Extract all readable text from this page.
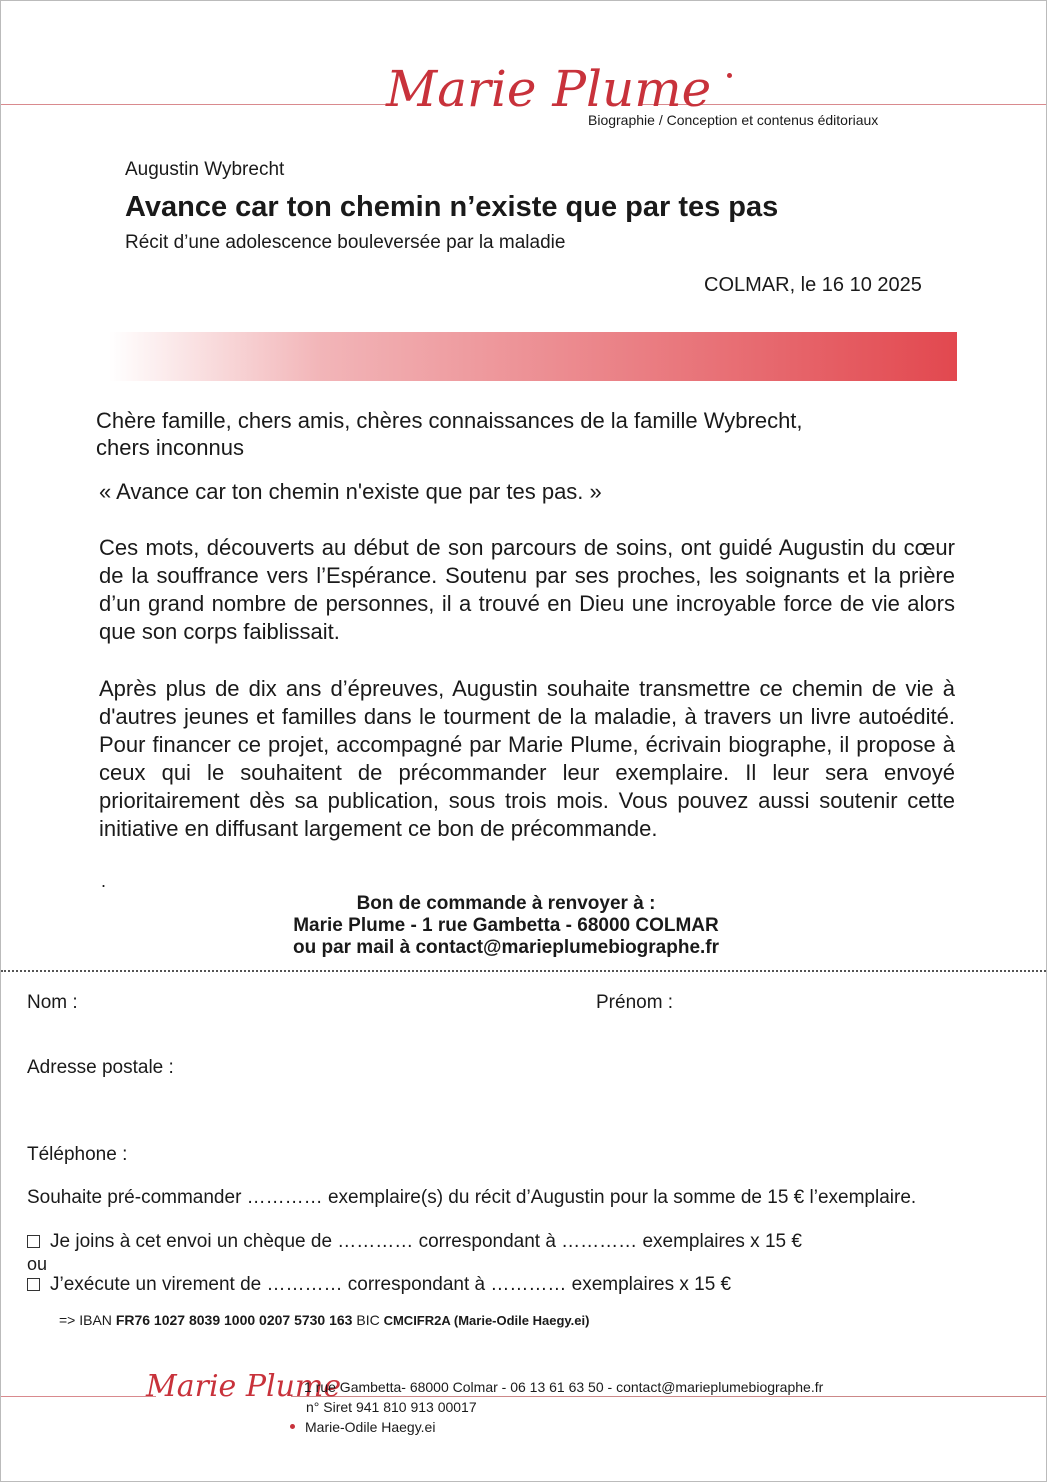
Marie Plume
Biographie / Conception et contenus éditoriaux
Augustin Wybrecht
Avance car ton chemin n’existe que par tes pas
Récit d’une adolescence bouleversée par la maladie
COLMAR, le 16 10 2025
Chère famille, chers amis, chères connaissances de la famille Wybrecht,
chers inconnus
« Avance car ton chemin n'existe que par tes pas. »
Ces mots, découverts au début de son parcours de soins, ont guidé Augustin du cœur de la souffrance vers l’Espérance. Soutenu par ses proches, les soignants et la prière d’un grand nombre de personnes, il a trouvé en Dieu une incroyable force de vie alors que son corps faiblissait.
Après plus de dix ans d’épreuves, Augustin souhaite transmettre ce chemin de vie à d'autres jeunes et familles dans le tourment de la maladie, à travers un livre autoédité. Pour financer ce projet, accompagné par Marie Plume, écrivain biographe, il propose à ceux qui le souhaitent de précommander leur exemplaire. Il leur sera envoyé prioritairement dès sa publication, sous trois mois. Vous pouvez aussi soutenir cette initiative en diffusant largement ce bon de précommande.
.
Bon de commande à renvoyer à :
Marie Plume - 1 rue Gambetta - 68000 COLMAR
ou par mail à contact@marieplumebiographe.fr
Nom :	Prénom :
Adresse postale :
Téléphone :
Souhaite pré-commander ………… exemplaire(s) du récit d’Augustin pour la somme de 15 € l’exemplaire.
Je joins à cet envoi un chèque de ………… correspondant à ………… exemplaires x 15 €
ou
J’exécute un virement de ………… correspondant à ………… exemplaires x 15 €
=> IBAN FR76 1027 8039 1000 0207 5730 163 BIC CMCIFR2A (Marie-Odile Haegy.ei)
Marie Plume
1 rue Gambetta- 68000 Colmar - 06 13 61 63 50 - contact@marieplumebiographe.fr
n° Siret 941 810 913 00017
Marie-Odile Haegy.ei
